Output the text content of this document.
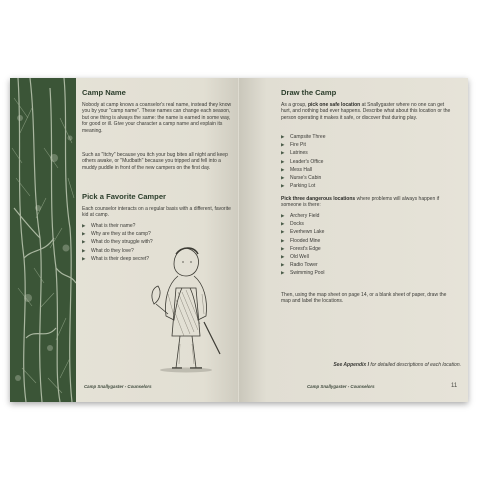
Camp Name

Nobody at camp knows a coanselor's real name, instead they know you by your "camp name". These names can change each season, but one thing is always the same: the name is earned in some way, for good or ill. Give your character a camp name and explain its meaning.

Such as "Itchy" because you itch your bug bites all night and keep others awake, or "Mudbath" because you tripped and fell into a muddy puddle in front of the new campers on the first day.

Pick a Favorite Camper

Each counselor interacts on a regular basis with a different, favorite kid at camp.

▶	What is their name?
▶	Why are they at the camp?
▶	What do they struggle with?
▶	What do they love?
▶	What is their deep secret?
Camp Snallygaster - Counselors
Draw the Camp

As a group, pick one safe location at Snallygaster where no one can get hurt, and nothing bad ever happens. Describe what about this location or the person operating it makes it safe, or discover that during play.

▶	Campsite Three
▶	Fire Pit
▶	Latrines
▶	Leader's Office
▶	Mess Hall
▶	Nurse's Cabin
▶	Parking Lot

Pick three dangerous locations where problems will always happen if someone is there:

▶	Archery Field
▶	Docks
▶	Everhewn Lake
▶	Flooded Mine
▶	Forest's Edge
▶	Old Well
▶	Radio Tower
▶	Swimming Pool

Then, using the map sheet on page 14, or a blank sheet of paper, draw the map and label the locations.

See Appendix I for detailed descriptions of each location.

Camp Snallygaster - Counselors	11
